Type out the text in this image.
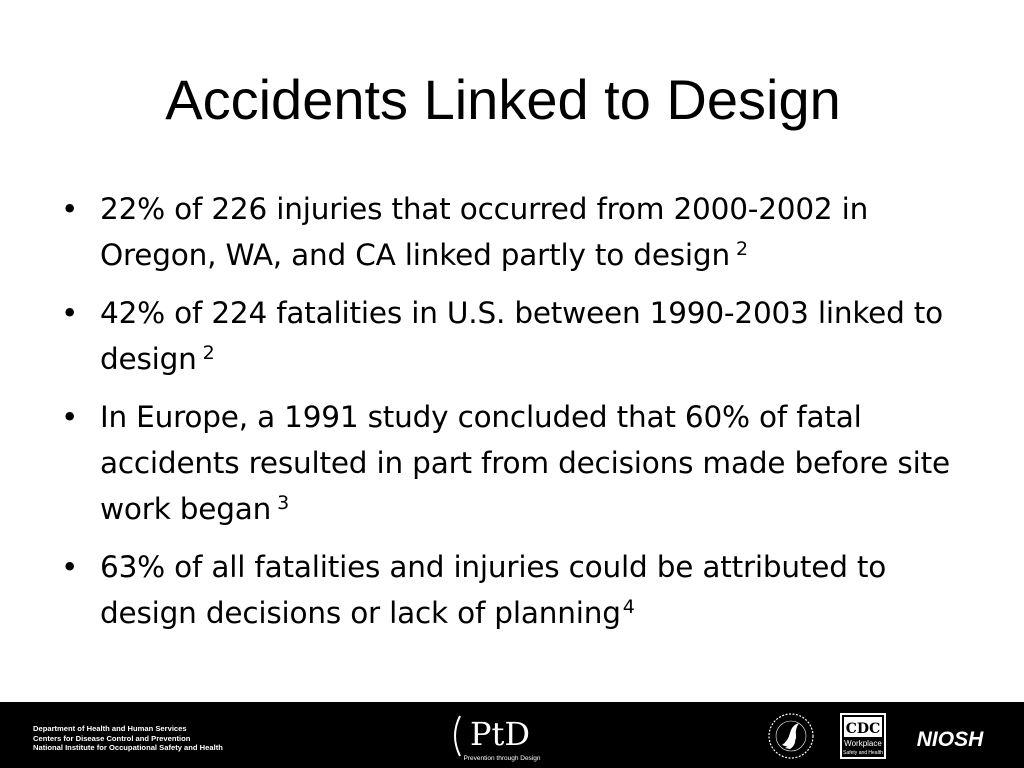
Accidents Linked to Design
• 22% of 226 injuries that occurred from 2000-2002 in Oregon, WA, and CA linked partly to design $^2$
• 42% of 224 fatalities in U.S. between 1990-2003 linked to design $^2$
• In Europe, a 1991 study concluded that 60% of fatal accidents resulted in part from decisions made before site work began $^3$
• 63% of all fatalities and injuries could be attributed to design decisions or lack of planning $^4$
Department of Health and Human Services
Centers for Disease Control and Prevention
National Institute for Occupational Safety and Health	PtD
Prevention through Design
CDC
Workplace
Safety and Health
NIOSH
